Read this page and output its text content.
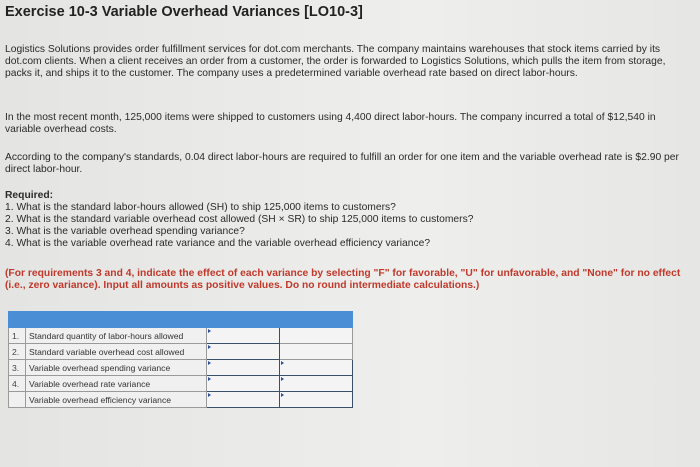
Exercise 10-3 Variable Overhead Variances [LO10-3]

Logistics Solutions provides order fulfillment services for dot.com merchants. The company maintains warehouses that stock items carried by its dot.com clients. When a client receives an order from a customer, the order is forwarded to Logistics Solutions, which pulls the item from storage, packs it, and ships it to the customer. The company uses a predetermined variable overhead rate based on direct labor-hours.

In the most recent month, 125,000 items were shipped to customers using 4,400 direct labor-hours. The company incurred a total of $12,540 in variable overhead costs.

According to the company's standards, 0.04 direct labor-hours are required to fulfill an order for one item and the variable overhead rate is $2.90 per direct labor-hour.

Required:
1. What is the standard labor-hours allowed (SH) to ship 125,000 items to customers?
2. What is the standard variable overhead cost allowed (SH × SR) to ship 125,000 items to customers?
3. What is the variable overhead spending variance?
4. What is the variable overhead rate variance and the variable overhead efficiency variance?

(For requirements 3 and 4, indicate the effect of each variance by selecting "F" for favorable, "U" for unfavorable, and "None" for no effect (i.e., zero variance). Input all amounts as positive values. Do no round intermediate calculations.)

1.	Standard quantity of labor-hours allowed		
2.	Standard variable overhead cost allowed		
3.	Variable overhead spending variance		
4.	Variable overhead rate variance		
	Variable overhead efficiency variance		
